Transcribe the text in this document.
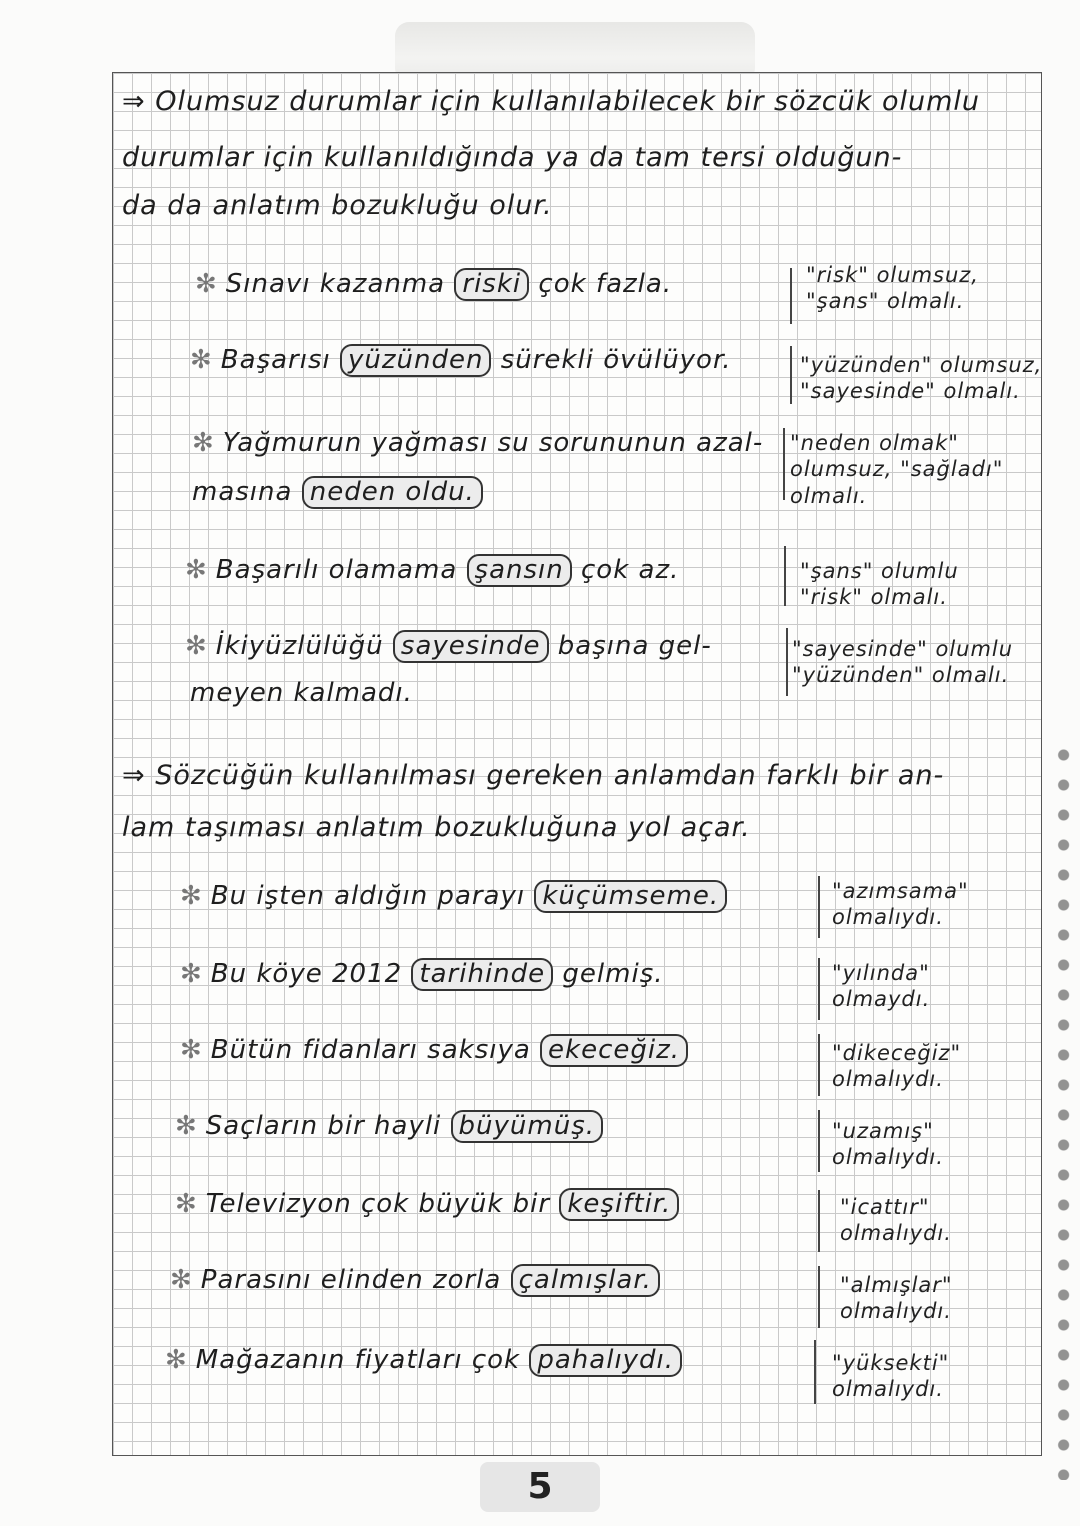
⇒ Olumsuz durumlar için kullanılabilecek bir sözcük olumlu
durumlar için kullanıldığında ya da tam tersi olduğun-
da da anlatım bozukluğu olur.
✻ Sınavı kazanma riski çok fazla.	"risk" olumsuz,
"şans" olmalı.
✻ Başarısı yüzünden sürekli övülüyor.	"yüzünden" olumsuz,
"sayesinde" olmalı.
✻ Yağmurun yağması su sorununun azal-
masına neden oldu.
"neden olmak"
olumsuz, "sağladı"
olmalı.
✻ Başarılı olamama şansın çok az.	"şans" olumlu
"risk" olmalı.
✻ İkiyüzlülüğü sayesinde başına gel-
meyen kalmadı.
"sayesinde" olumlu
"yüzünden" olmalı.
⇒ Sözcüğün kullanılması gereken anlamdan farklı bir an-
lam taşıması anlatım bozukluğuna yol açar.
✻ Bu işten aldığın parayı küçümseme.	"azımsama"
olmalıydı.
✻ Bu köye 2012 tarihinde gelmiş.	"yılında"
olmaydı.
✻ Bütün fidanları saksıya ekeceğiz.	"dikeceğiz"
olmalıydı.
✻ Saçların bir hayli büyümüş.	"uzamış"
olmalıydı.
✻ Televizyon çok büyük bir keşiftir.	"icattır"
olmalıydı.
✻ Parasını elinden zorla çalmışlar.	"almışlar"
olmalıydı.
✻ Mağazanın fiyatları çok pahalıydı.	"yüksekti"
olmalıydı.
5
